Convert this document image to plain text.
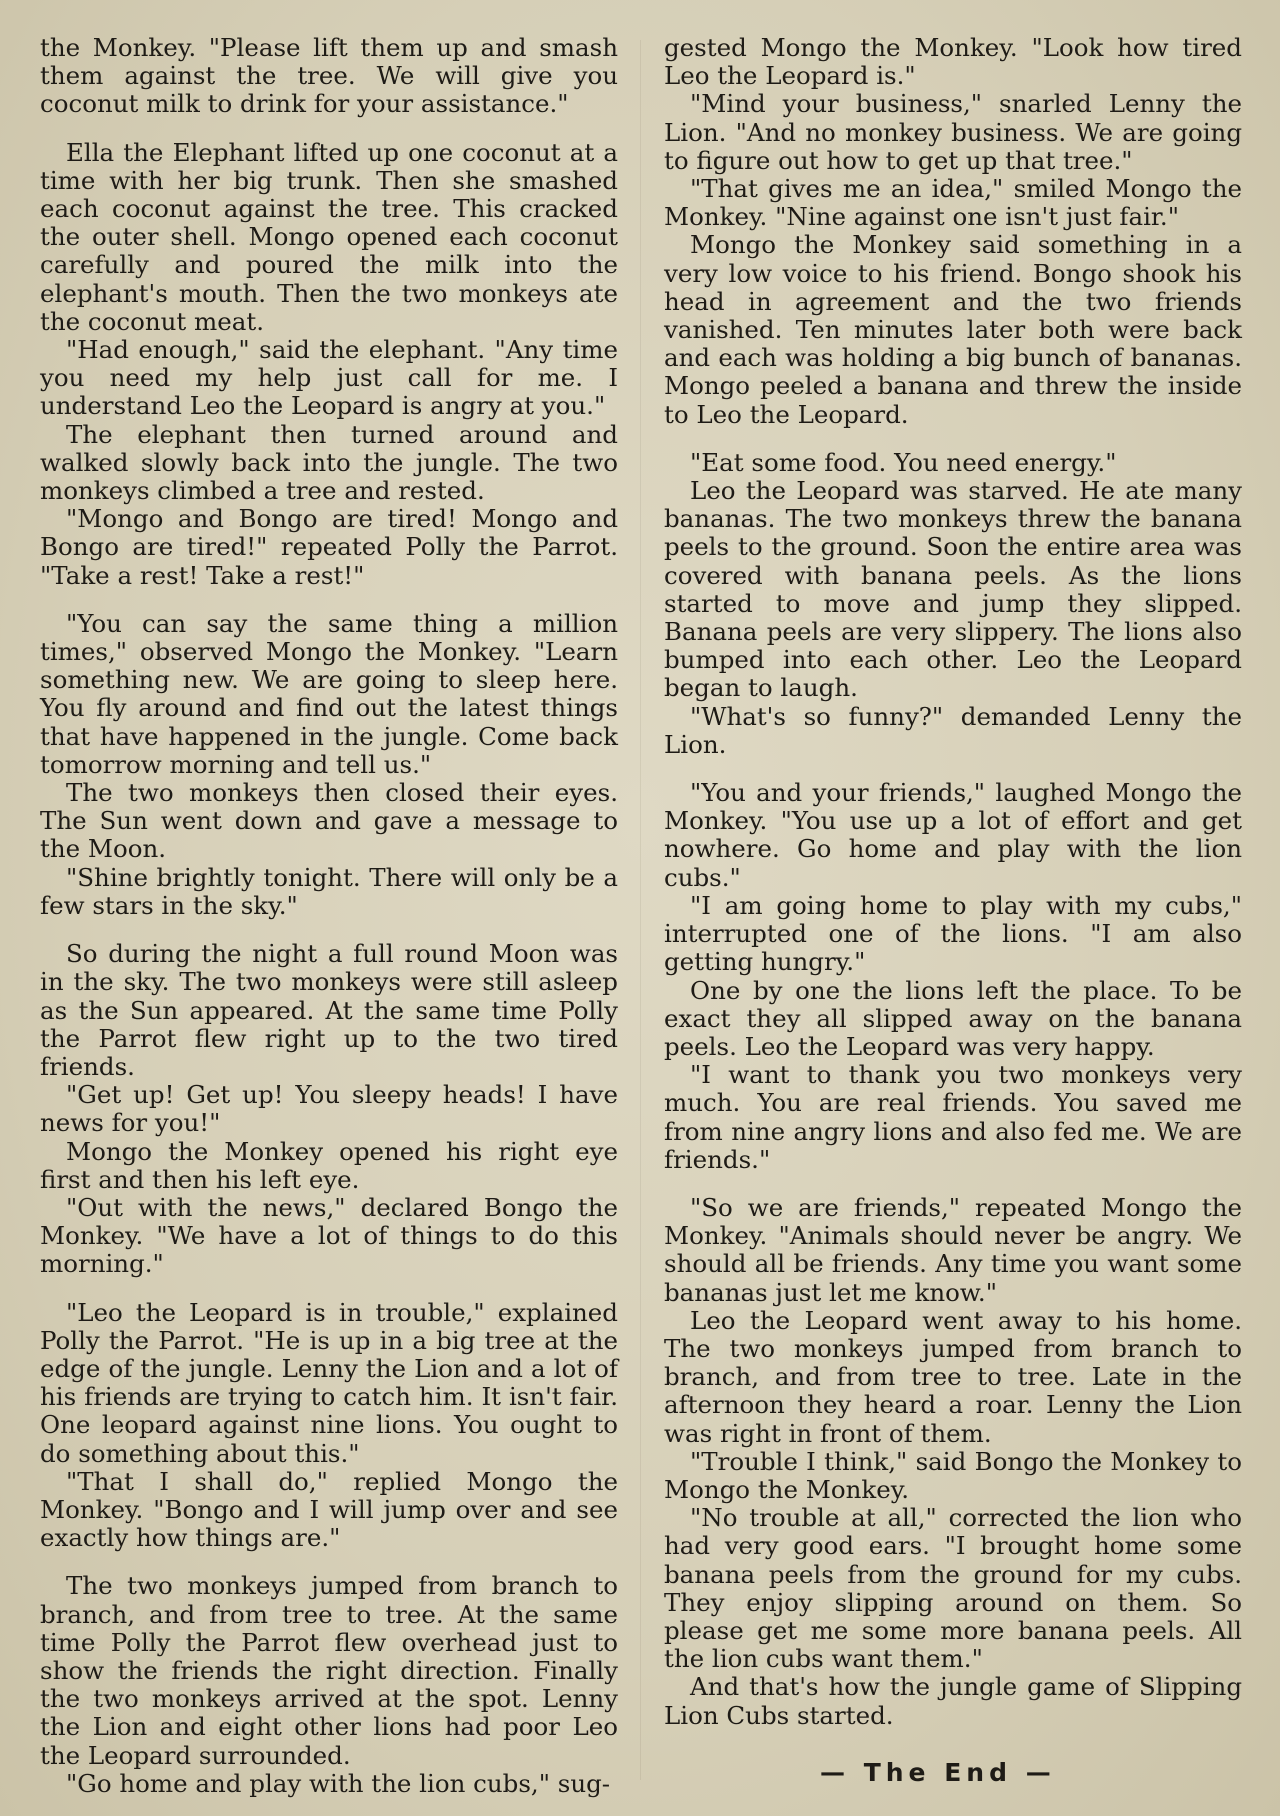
the Monkey. "Please lift them up and smash them against the tree. We will give you coconut milk to drink for your assistance."

Ella the Elephant lifted up one coconut at a time with her big trunk. Then she smashed each coconut against the tree. This cracked the outer shell. Mongo opened each coconut carefully and poured the milk into the elephant's mouth. Then the two monkeys ate the coconut meat.

"Had enough," said the elephant. "Any time you need my help just call for me. I understand Leo the Leopard is angry at you."

The elephant then turned around and walked slowly back into the jungle. The two monkeys climbed a tree and rested.

"Mongo and Bongo are tired! Mongo and Bongo are tired!" repeated Polly the Parrot. "Take a rest! Take a rest!"

"You can say the same thing a million times," observed Mongo the Monkey. "Learn something new. We are going to sleep here. You fly around and find out the latest things that have happened in the jungle. Come back tomorrow morning and tell us."

The two monkeys then closed their eyes. The Sun went down and gave a message to the Moon.

"Shine brightly tonight. There will only be a few stars in the sky."

So during the night a full round Moon was in the sky. The two monkeys were still asleep as the Sun appeared. At the same time Polly the Parrot flew right up to the two tired friends.

"Get up! Get up! You sleepy heads! I have news for you!"

Mongo the Monkey opened his right eye first and then his left eye.

"Out with the news," declared Bongo the Monkey. "We have a lot of things to do this morning."

"Leo the Leopard is in trouble," explained Polly the Parrot. "He is up in a big tree at the edge of the jungle. Lenny the Lion and a lot of his friends are trying to catch him. It isn't fair. One leopard against nine lions. You ought to do something about this."

"That I shall do," replied Mongo the Monkey. "Bongo and I will jump over and see exactly how things are."

The two monkeys jumped from branch to branch, and from tree to tree. At the same time Polly the Parrot flew overhead just to show the friends the right direction. Finally the two monkeys arrived at the spot. Lenny the Lion and eight other lions had poor Leo the Leopard surrounded.

"Go home and play with the lion cubs," sug-

gested Mongo the Monkey. "Look how tired Leo the Leopard is."

"Mind your business," snarled Lenny the Lion. "And no monkey business. We are going to figure out how to get up that tree."

"That gives me an idea," smiled Mongo the Monkey. "Nine against one isn't just fair."

Mongo the Monkey said something in a very low voice to his friend. Bongo shook his head in agreement and the two friends vanished. Ten minutes later both were back and each was holding a big bunch of bananas. Mongo peeled a banana and threw the inside to Leo the Leopard.

"Eat some food. You need energy."

Leo the Leopard was starved. He ate many bananas. The two monkeys threw the banana peels to the ground. Soon the entire area was covered with banana peels. As the lions started to move and jump they slipped. Banana peels are very slippery. The lions also bumped into each other. Leo the Leopard began to laugh.

"What's so funny?" demanded Lenny the Lion.

"You and your friends," laughed Mongo the Monkey. "You use up a lot of effort and get nowhere. Go home and play with the lion cubs."

"I am going home to play with my cubs," interrupted one of the lions. "I am also getting hungry."

One by one the lions left the place. To be exact they all slipped away on the banana peels. Leo the Leopard was very happy.

"I want to thank you two monkeys very much. You are real friends. You saved me from nine angry lions and also fed me. We are friends."

"So we are friends," repeated Mongo the Monkey. "Animals should never be angry. We should all be friends. Any time you want some bananas just let me know."

Leo the Leopard went away to his home. The two monkeys jumped from branch to branch, and from tree to tree. Late in the afternoon they heard a roar. Lenny the Lion was right in front of them.

"Trouble I think," said Bongo the Monkey to Mongo the Monkey.

"No trouble at all," corrected the lion who had very good ears. "I brought home some banana peels from the ground for my cubs. They enjoy slipping around on them. So please get me some more banana peels. All the lion cubs want them."

And that's how the jungle game of Slipping Lion Cubs started.

— The End —
